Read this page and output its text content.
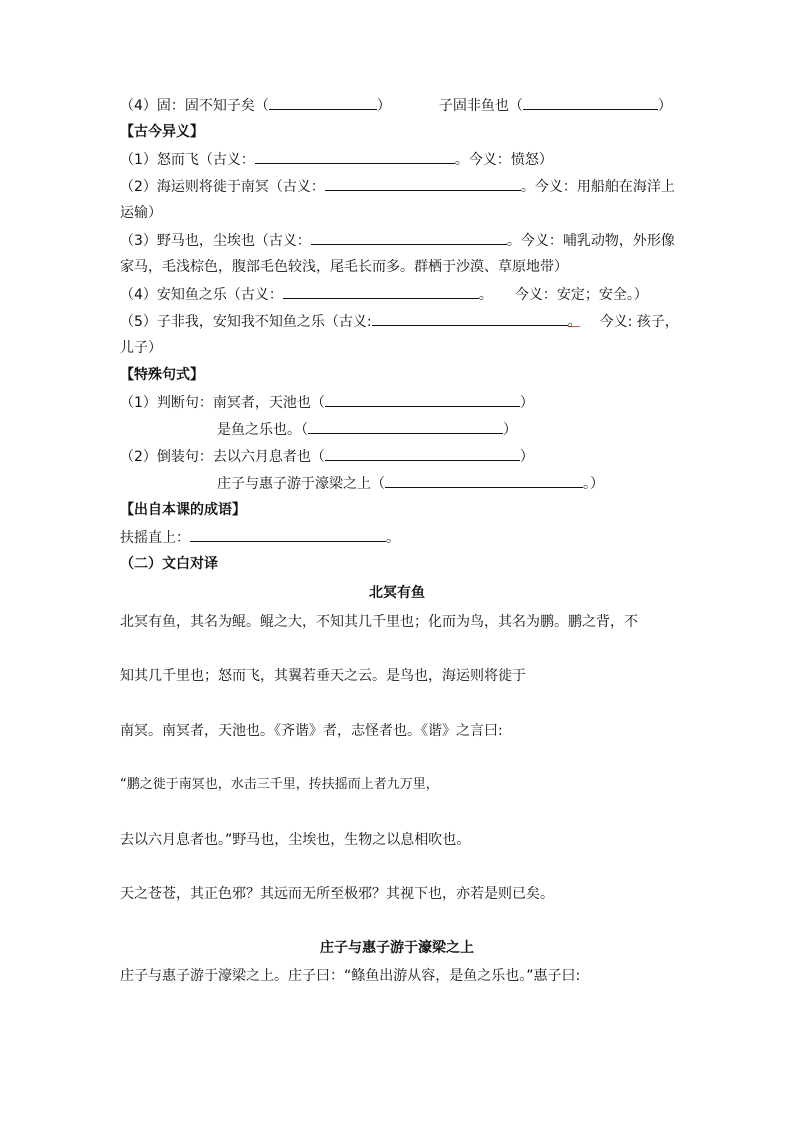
（4）固：固不知子矣（	）	子固非鱼也（	）
【古今异义】
（1）怒而飞（古义：	。今义：愤怒）
（2）海运则将徙于南冥（古义：	。今义：用船舶在海洋上
运输）
（3）野马也，尘埃也（古义：	。今义：哺乳动物，外形像
家马，毛浅棕色，腹部毛色较浅，尾毛长而多。群栖于沙漠、草原地带）
（4）安知鱼之乐（古义：	。 今义：安定；安全。）
（5）子非我，安知我不知鱼之乐（古义:	。 今义: 孩子，
儿子）
【特殊句式】
（1）判断句：南冥者，天池也（	）
是鱼之乐也。（	）
（2）倒装句：去以六月息者也（	）
庄子与惠子游于濠梁之上（	。）
【出自本课的成语】
扶摇直上：	。
（二）文白对译
北冥有鱼
北冥有鱼，其名为鲲。鲲之大，不知其几千里也；化而为鸟，其名为鹏。鹏之背，不
知其几千里也；怒而飞，其翼若垂天之云。是鸟也，海运则将徙于
南冥。南冥者，天池也。《齐谐》者，志怪者也。《谐》之言曰:
“鹏之徙于南冥也，水击三千里，抟扶摇而上者九万里，
去以六月息者也。”野马也，尘埃也，生物之以息相吹也。
天之苍苍，其正色邪？其远而无所至极邪？其视下也，亦若是则已矣。
庄子与惠子游于濠梁之上
庄子与惠子游于濠梁之上。庄子曰：“鲦鱼出游从容，是鱼之乐也。”惠子曰:
